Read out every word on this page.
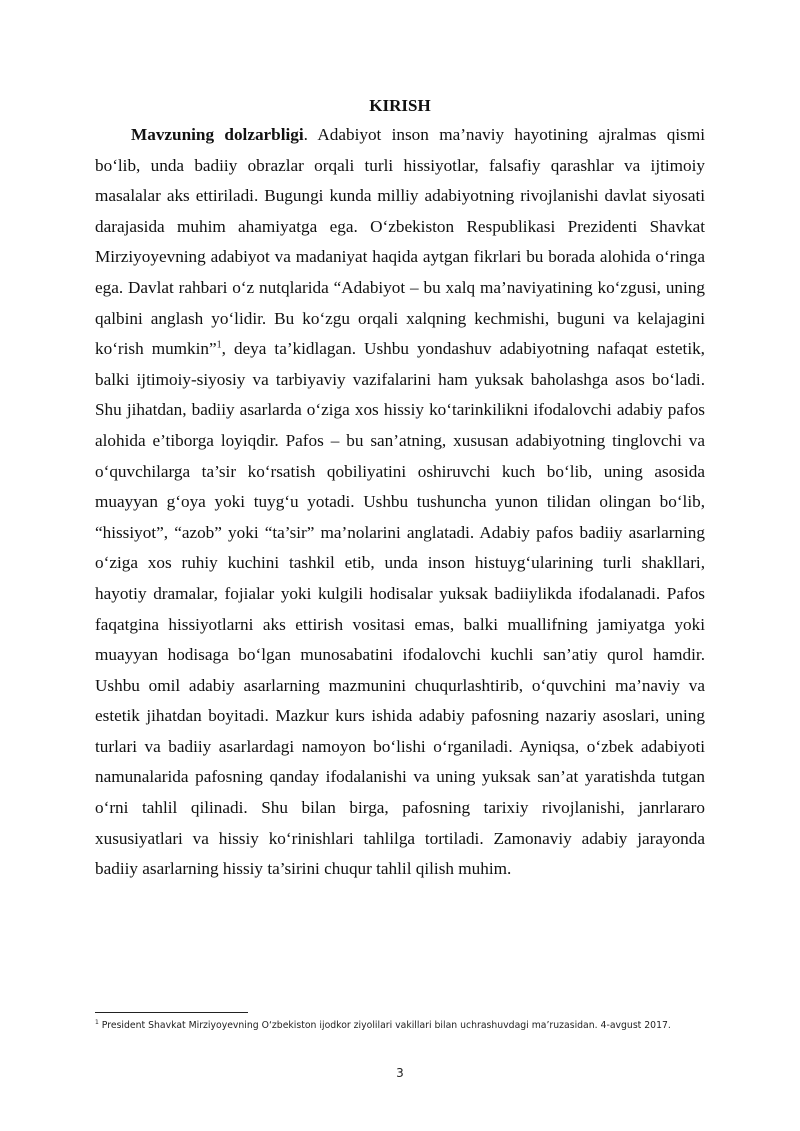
KIRISH

Mavzuning dolzarbligi. Adabiyot inson ma’naviy hayotining ajralmas qismi bo‘lib, unda badiiy obrazlar orqali turli hissiyotlar, falsafiy qarashlar va ijtimoiy masalalar aks ettiriladi. Bugungi kunda milliy adabiyotning rivojlanishi davlat siyosati darajasida muhim ahamiyatga ega. O‘zbekiston Respublikasi Prezidenti Shavkat Mirziyoyevning adabiyot va madaniyat haqida aytgan fikrlari bu borada alohida o‘ringa ega. Davlat rahbari o‘z nutqlarida “Adabiyot – bu xalq ma’naviyatining ko‘zgusi, uning qalbini anglash yo‘lidir. Bu ko‘zgu orqali xalqning kechmishi, buguni va kelajagini ko‘rish mumkin”$^1$, deya ta’kidlagan. Ushbu yondashuv adabiyotning nafaqat estetik, balki ijtimoiy-siyosiy va tarbiyaviy vazifalarini ham yuksak baholashga asos bo‘ladi. Shu jihatdan, badiiy asarlarda o‘ziga xos hissiy ko‘tarinkilikni ifodalovchi adabiy pafos alohida e’tiborga loyiqdir. Pafos – bu san’atning, xususan adabiyotning tinglovchi va o‘quvchilarga ta’sir ko‘rsatish qobiliyatini oshiruvchi kuch bo‘lib, uning asosida muayyan g‘oya yoki tuyg‘u yotadi. Ushbu tushuncha yunon tilidan olingan bo‘lib, “hissiyot”, “azob” yoki “ta’sir” ma’nolarini anglatadi. Adabiy pafos badiiy asarlarning o‘ziga xos ruhiy kuchini tashkil etib, unda inson histuyg‘ularining turli shakllari, hayotiy dramalar, fojialar yoki kulgili hodisalar yuksak badiiylikda ifodalanadi. Pafos faqatgina hissiyotlarni aks ettirish vositasi emas, balki muallifning jamiyatga yoki muayyan hodisaga bo‘lgan munosabatini ifodalovchi kuchli san’atiy qurol hamdir. Ushbu omil adabiy asarlarning mazmunini chuqurlashtirib, o‘quvchini ma’naviy va estetik jihatdan boyitadi. Mazkur kurs ishida adabiy pafosning nazariy asoslari, uning turlari va badiiy asarlardagi namoyon bo‘lishi o‘rganiladi. Ayniqsa, o‘zbek adabiyoti namunalarida pafosning qanday ifodalanishi va uning yuksak san’at yaratishda tutgan o‘rni tahlil qilinadi. Shu bilan birga, pafosning tarixiy rivojlanishi, janrlararo xususiyatlari va hissiy ko‘rinishlari tahlilga tortiladi. Zamonaviy adabiy jarayonda badiiy asarlarning hissiy ta’sirini chuqur tahlil qilish muhim.

$^1$ President Shavkat Mirziyoyevning O‘zbekiston ijodkor ziyolilari vakillari bilan uchrashuvdagi ma’ruzasidan. 4-avgust 2017.
3
